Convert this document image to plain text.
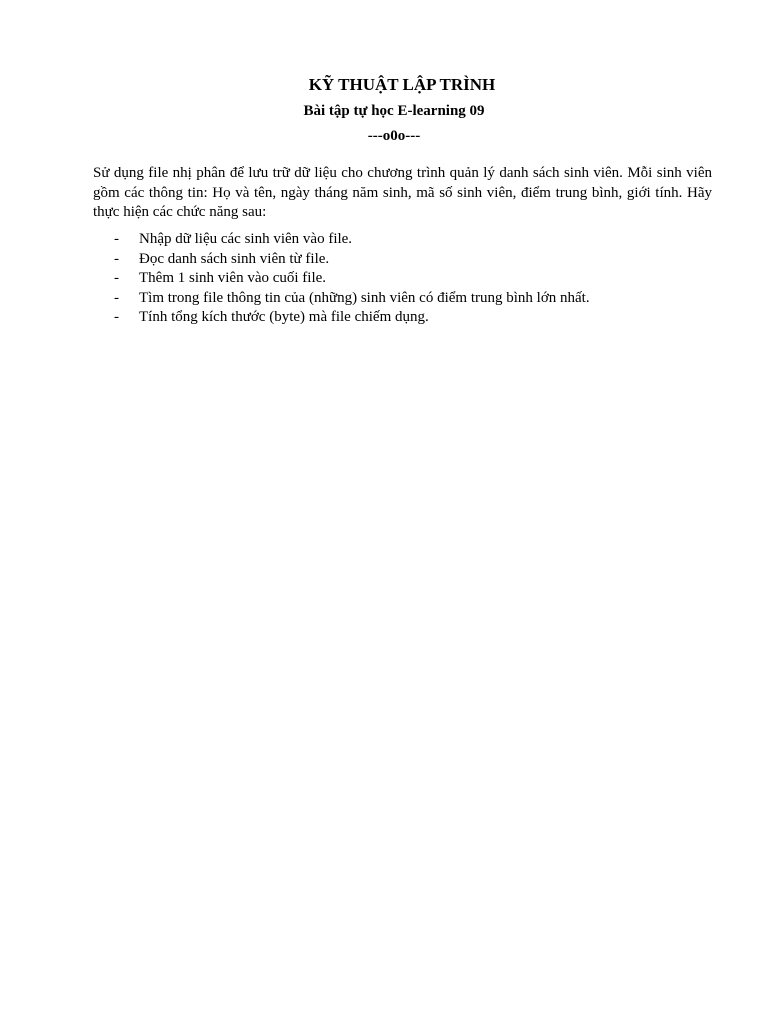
KỸ THUẬT LẬP TRÌNH
Bài tập tự học E-learning 09
---o0o---

Sử dụng file nhị phân để lưu trữ dữ liệu cho chương trình quản lý danh sách sinh viên. Mỗi sinh viên gồm các thông tin: Họ và tên, ngày tháng năm sinh, mã số sinh viên, điểm trung bình, giới tính. Hãy thực hiện các chức năng sau:

- Nhập dữ liệu các sinh viên vào file.
- Đọc danh sách sinh viên từ file.
- Thêm 1 sinh viên vào cuối file.
- Tìm trong file thông tin của (những) sinh viên có điểm trung bình lớn nhất.
- Tính tổng kích thước (byte) mà file chiếm dụng.
